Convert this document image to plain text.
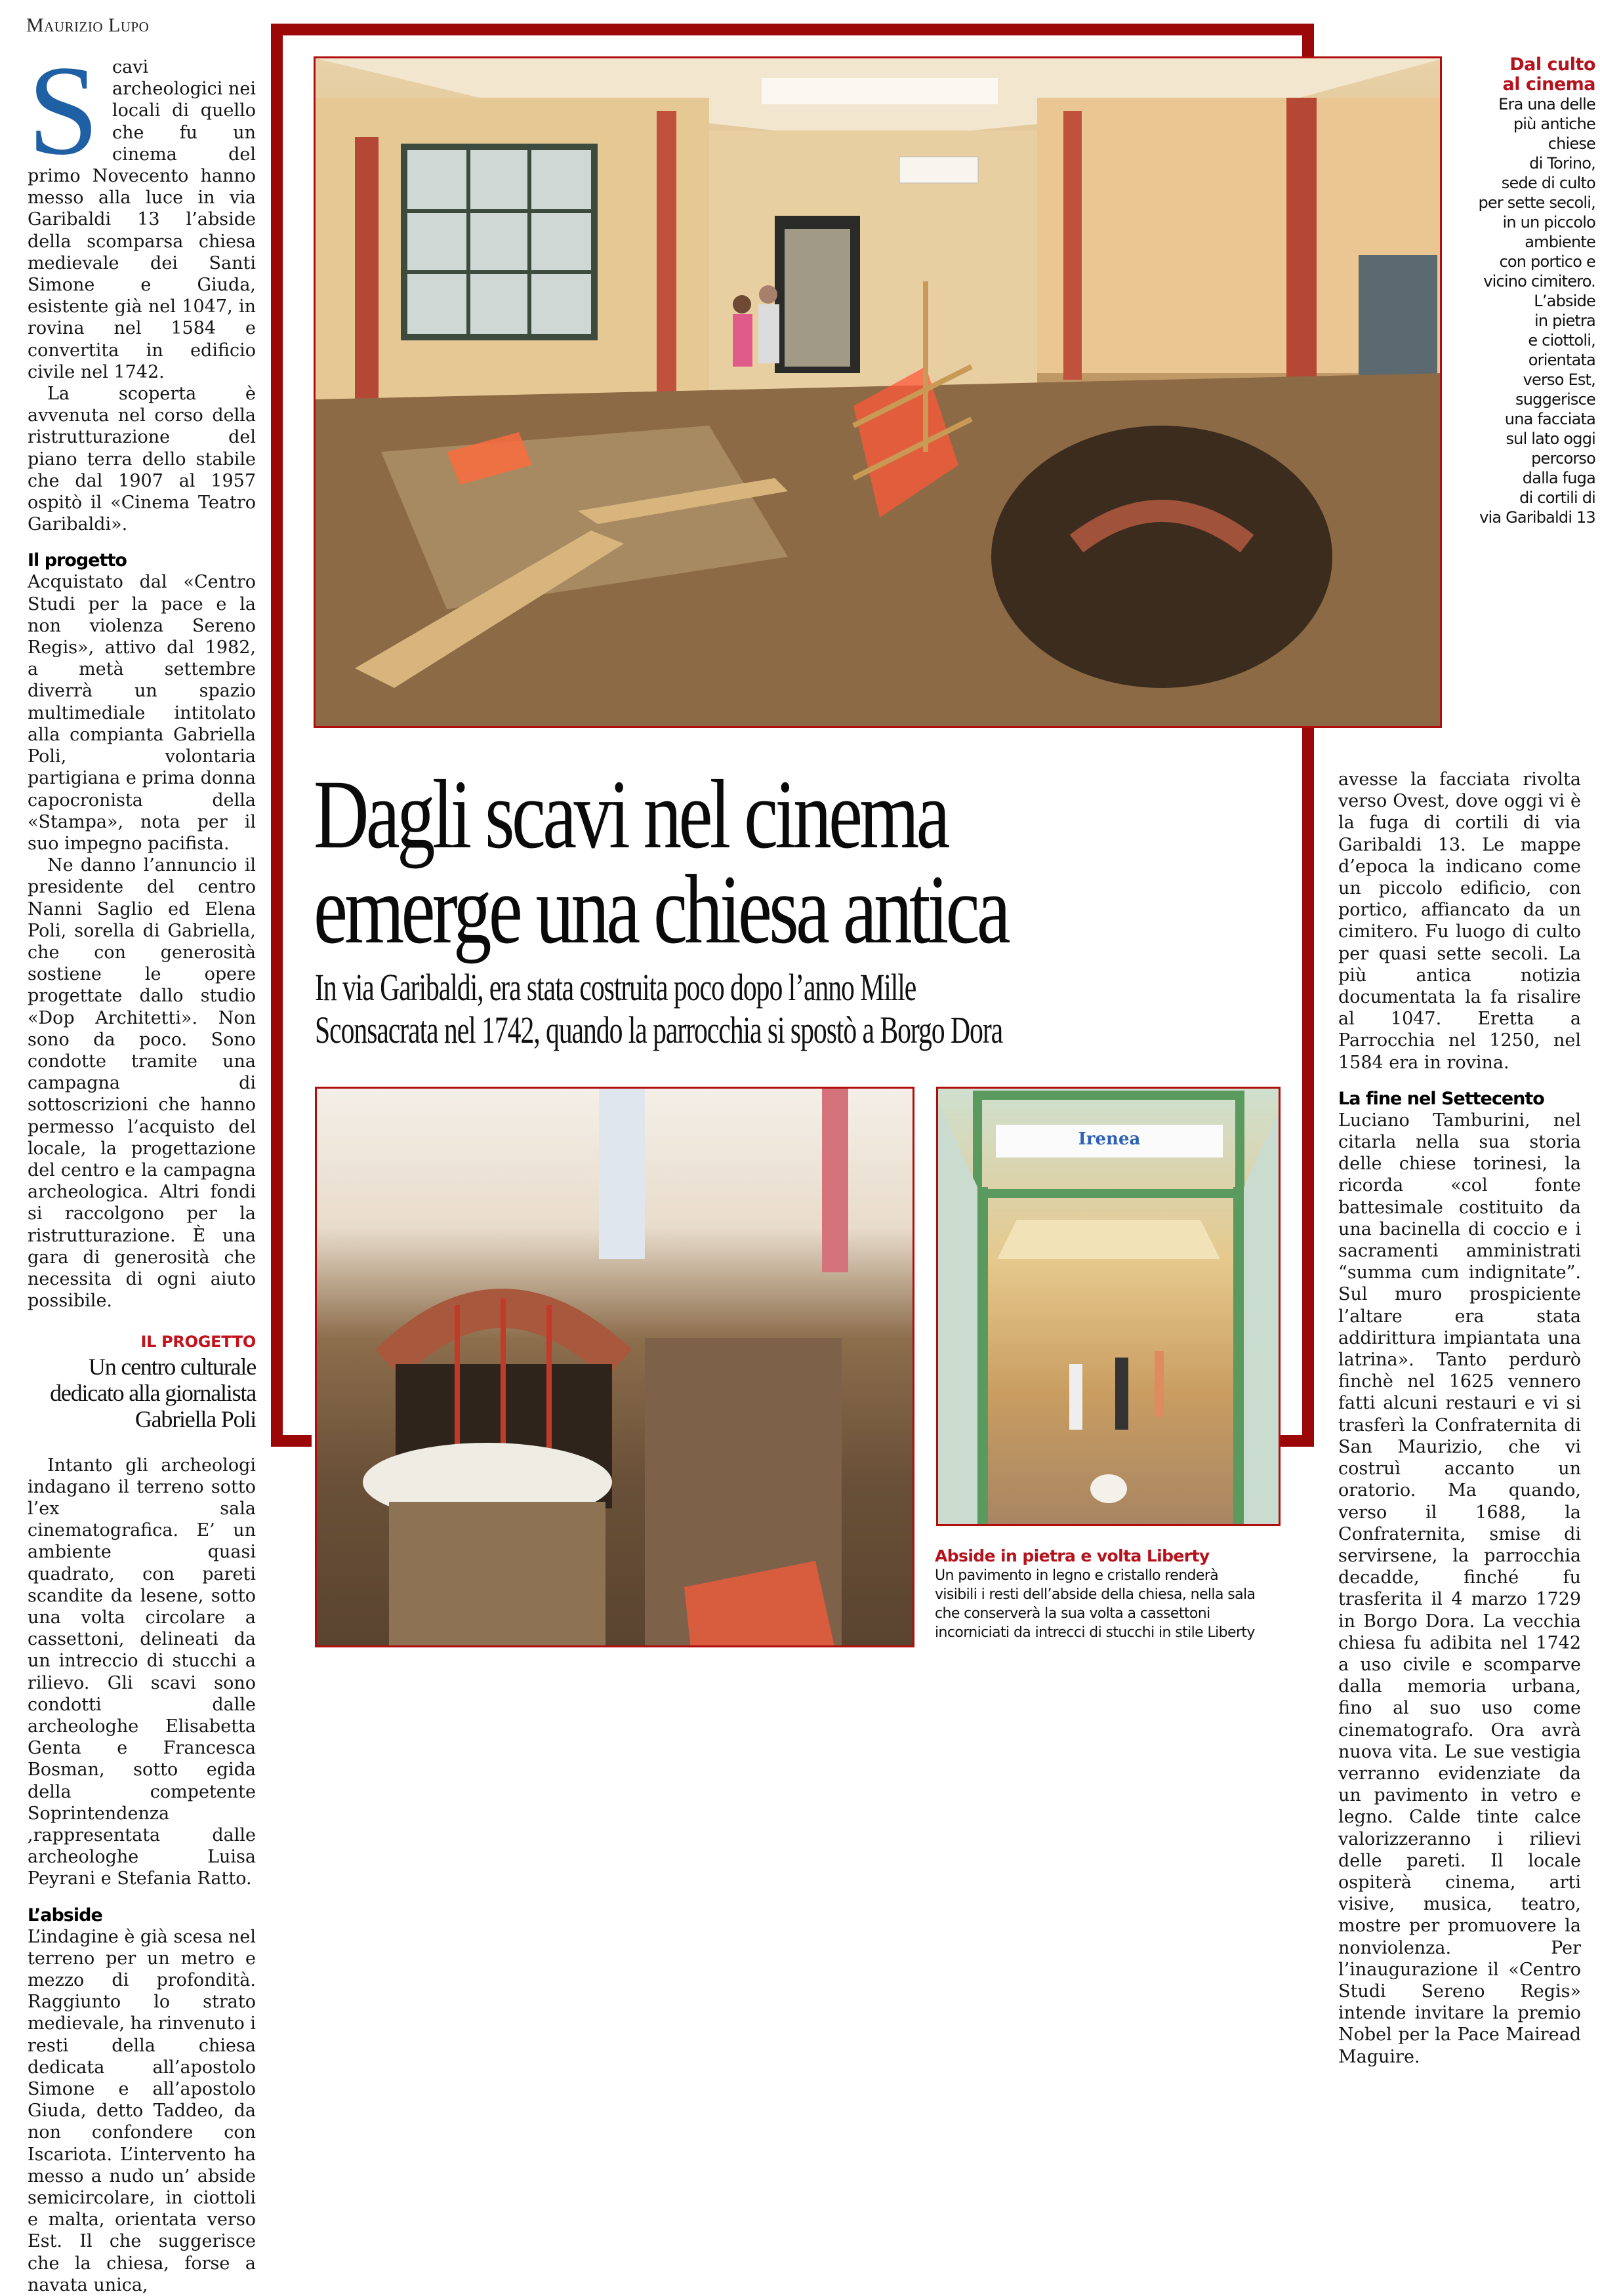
Maurizio Lupo
S cavi archeologici nei locali di quello che fu un cinema del primo Novecento hanno messo alla luce in via Garibaldi 13 l’abside della scomparsa chiesa medievale dei Santi Simone e Giuda, esistente già nel 1047, in rovina nel 1584 e convertita in edificio civile nel 1742.

La scoperta è avvenuta nel corso della ristrutturazione del piano terra dello stabile che dal 1907 al 1957 ospitò il «Cinema Teatro Garibaldi».

Il progetto

Acquistato dal «Centro Studi per la pace e la non violenza Sereno Regis», attivo dal 1982, a metà settembre diverrà un spazio multimediale intitolato alla compianta Gabriella Poli, volontaria partigiana e prima donna capocronista della «Stampa», nota per il suo impegno pacifista.

Ne danno l’annuncio il presidente del centro Nanni Saglio ed Elena Poli, sorella di Gabriella, che con generosità sostiene le opere progettate dallo studio «Dop Architetti». Non sono da poco. Sono condotte tramite una campagna di sottoscrizioni che hanno permesso l’acquisto del locale, la progettazione del centro e la campagna archeologica. Altri fondi si raccolgono per la ristrutturazione. È una gara di generosità che necessita di ogni aiuto possibile.

IL PROGETTO
Un centro culturale dedicato alla giornalista Gabriella Poli

Intanto gli archeologi indagano il terreno sotto l’ex sala cinematografica. E’ un ambiente quasi quadrato, con pareti scandite da lesene, sotto una volta circolare a cassettoni, delineati da un intreccio di stucchi a rilievo. Gli scavi sono condotti dalle archeologhe Elisabetta Genta e Francesca Bosman, sotto egida della competente Soprintendenza ,rappresentata dalle archeologhe Luisa Peyrani e Stefania Ratto.

L’abside

L’indagine è già scesa nel terreno per un metro e mezzo di profondità. Raggiunto lo strato medievale, ha rinvenuto i resti della chiesa dedicata all’apostolo Simone e all’apostolo Giuda, detto Taddeo, da non confondere con Iscariota. L’intervento ha messo a nudo un’ abside semicircolare, in ciottoli e malta, orientata verso Est. Il che suggerisce che la chiesa, forse a navata unica,

Dal culto
al cinema
Era una delle
più antiche
chiese
di Torino,
sede di culto
per sette secoli,
in un piccolo
ambiente
con portico e
vicino cimitero.
L’abside
in pietra
e ciottoli,
orientata
verso Est,
suggerisce
una facciata
sul lato oggi
percorso
dalla fuga
di cortili di
via Garibaldi 13
Dagli scavi nel cinema
emerge una chiesa antica
In via Garibaldi, era stata costruita poco dopo l’anno Mille
Sconsacrata nel 1742, quando la parrocchia si spostò a Borgo Dora
Irenea
Abside in pietra e volta Liberty
Un pavimento in legno e cristallo renderà
visibili i resti dell’abside della chiesa, nella sala
che conserverà la sua volta a cassettoni
incorniciati da intrecci di stucchi in stile Liberty

avesse la facciata rivolta verso Ovest, dove oggi vi è la fuga di cortili di via Garibaldi 13. Le mappe d’epoca la indicano come un piccolo edificio, con portico, affiancato da un cimitero. Fu luogo di culto per quasi sette secoli. La più antica notizia documentata la fa risalire al 1047. Eretta a Parrocchia nel 1250, nel 1584 era in rovina.

La fine nel Settecento

Luciano Tamburini, nel citarla nella sua storia delle chiese torinesi, la ricorda «col fonte battesimale costituito da una bacinella di coccio e i sacramenti amministrati “summa cum indignitate”. Sul muro prospiciente l’altare era stata addirittura impiantata una latrina». Tanto perdurò finchè nel 1625 vennero fatti alcuni restauri e vi si trasferì la Confraternita di San Maurizio, che vi costruì accanto un oratorio. Ma quando, verso il 1688, la Confraternita, smise di servirsene, la parrocchia decadde, finché fu trasferita il 4 marzo 1729 in Borgo Dora. La vecchia chiesa fu adibita nel 1742 a uso civile e scomparve dalla memoria urbana, fino al suo uso come cinematografo. Ora avrà nuova vita. Le sue vestigia verranno evidenziate da un pavimento in vetro e legno. Calde tinte calce valorizzeranno i rilievi delle pareti. Il locale ospiterà cinema, arti visive, musica, teatro, mostre per promuovere la nonviolenza. Per l’inaugurazione il «Centro Studi Sereno Regis» intende invitare la premio Nobel per la Pace Mairead Maguire.
